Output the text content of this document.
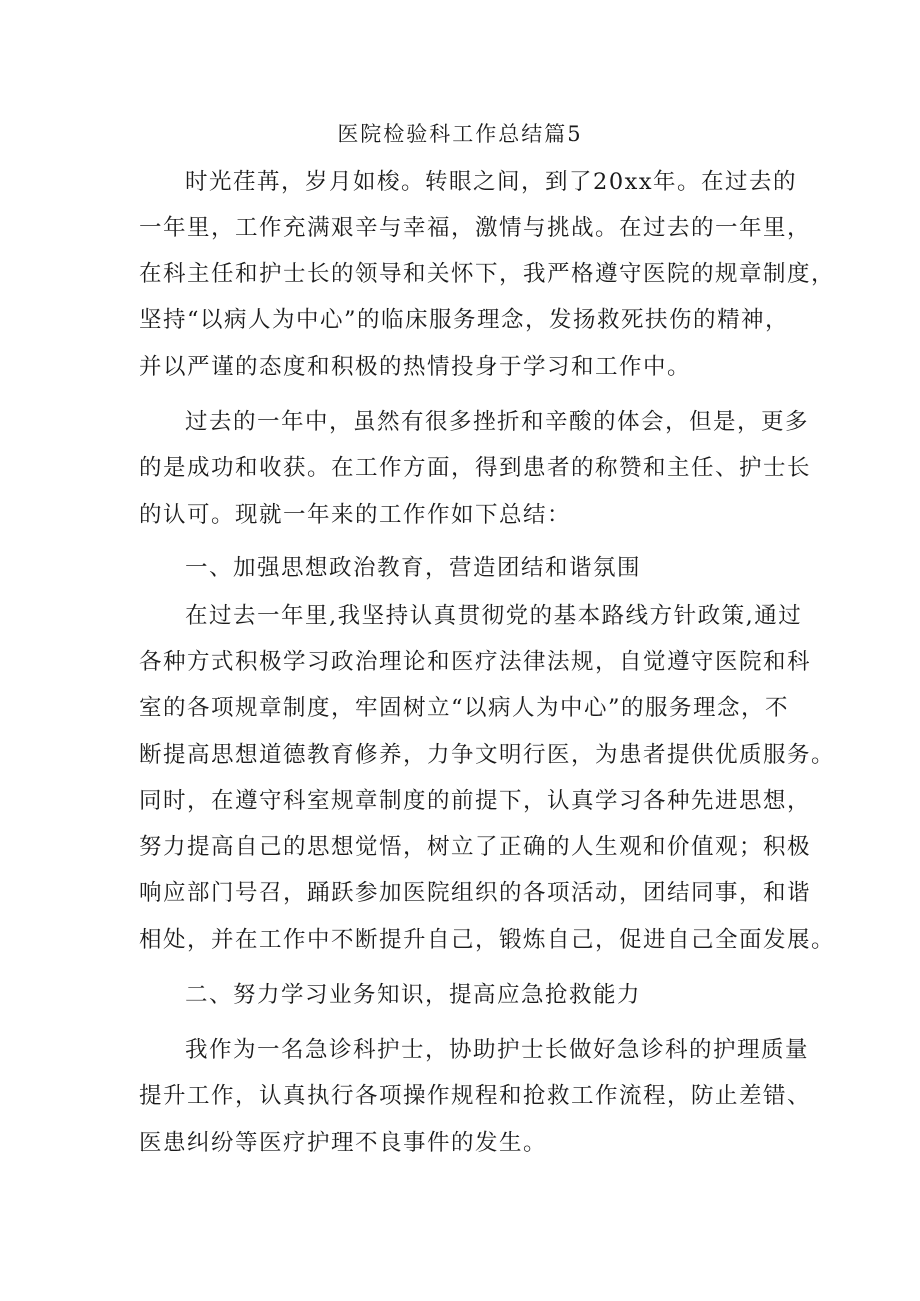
医院检验科工作总结篇5
时光荏苒，岁月如梭。转眼之间，到了20xx年。在过去的
一年里，工作充满艰辛与幸福，激情与挑战。在过去的一年里，
在科主任和护士长的领导和关怀下，我严格遵守医院的规章制度，
坚持“以病人为中心”的临床服务理念，发扬救死扶伤的精神，
并以严谨的态度和积极的热情投身于学习和工作中。
过去的一年中，虽然有很多挫折和辛酸的体会，但是，更多
的是成功和收获。在工作方面，得到患者的称赞和主任、护士长
的认可。现就一年来的工作作如下总结：
一、加强思想政治教育，营造团结和谐氛围
在过去一年里,我坚持认真贯彻党的基本路线方针政策,通过
各种方式积极学习政治理论和医疗法律法规，自觉遵守医院和科
室的各项规章制度，牢固树立“以病人为中心”的服务理念，不
断提高思想道德教育修养，力争文明行医，为患者提供优质服务。
同时，在遵守科室规章制度的前提下，认真学习各种先进思想，
努力提高自己的思想觉悟，树立了正确的人生观和价值观；积极
响应部门号召，踊跃参加医院组织的各项活动，团结同事，和谐
相处，并在工作中不断提升自己，锻炼自己，促进自己全面发展。
二、努力学习业务知识，提高应急抢救能力
我作为一名急诊科护士，协助护士长做好急诊科的护理质量
提升工作，认真执行各项操作规程和抢救工作流程，防止差错、
医患纠纷等医疗护理不良事件的发生。
